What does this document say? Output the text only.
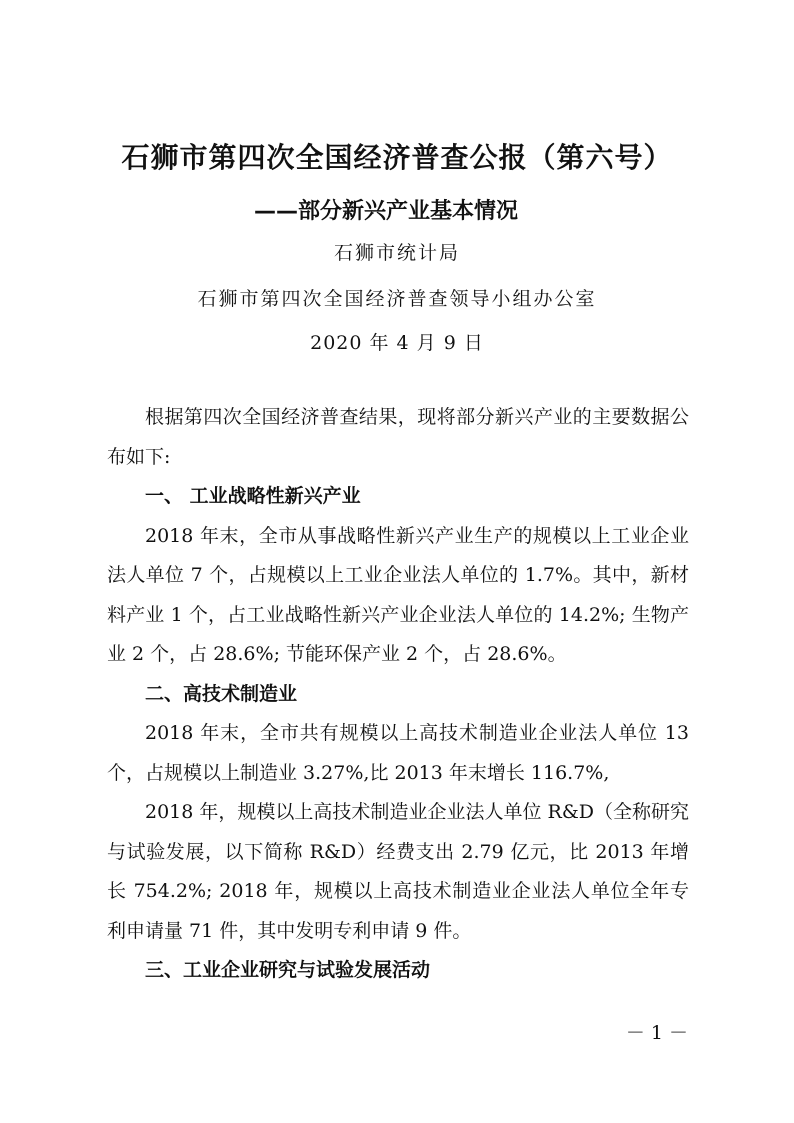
石狮市第四次全国经济普查公报（第六号）
——部分新兴产业基本情况
石狮市统计局
石狮市第四次全国经济普查领导小组办公室
2020 年 4 月 9 日

根据第四次全国经济普查结果，现将部分新兴产业的主要数据公布如下:

一、 工业战略性新兴产业

2018 年末，全市从事战略性新兴产业生产的规模以上工业企业法人单位 7 个，占规模以上工业企业法人单位的 1.7%。其中，新材料产业 1 个，占工业战略性新兴产业企业法人单位的 14.2%; 生物产业 2 个，占 28.6%; 节能环保产业 2 个，占 28.6%。

二、高技术制造业

2018 年末，全市共有规模以上高技术制造业企业法人单位 13 个，占规模以上制造业 3.27%,比 2013 年末增长 116.7%,

2018 年，规模以上高技术制造业企业法人单位 R&D（全称研究与试验发展，以下简称 R&D）经费支出 2.79 亿元，比 2013 年增长 754.2%; 2018 年，规模以上高技术制造业企业法人单位全年专利申请量 71 件，其中发明专利申请 9 件。

三、工业企业研究与试验发展活动
－ 1 －
